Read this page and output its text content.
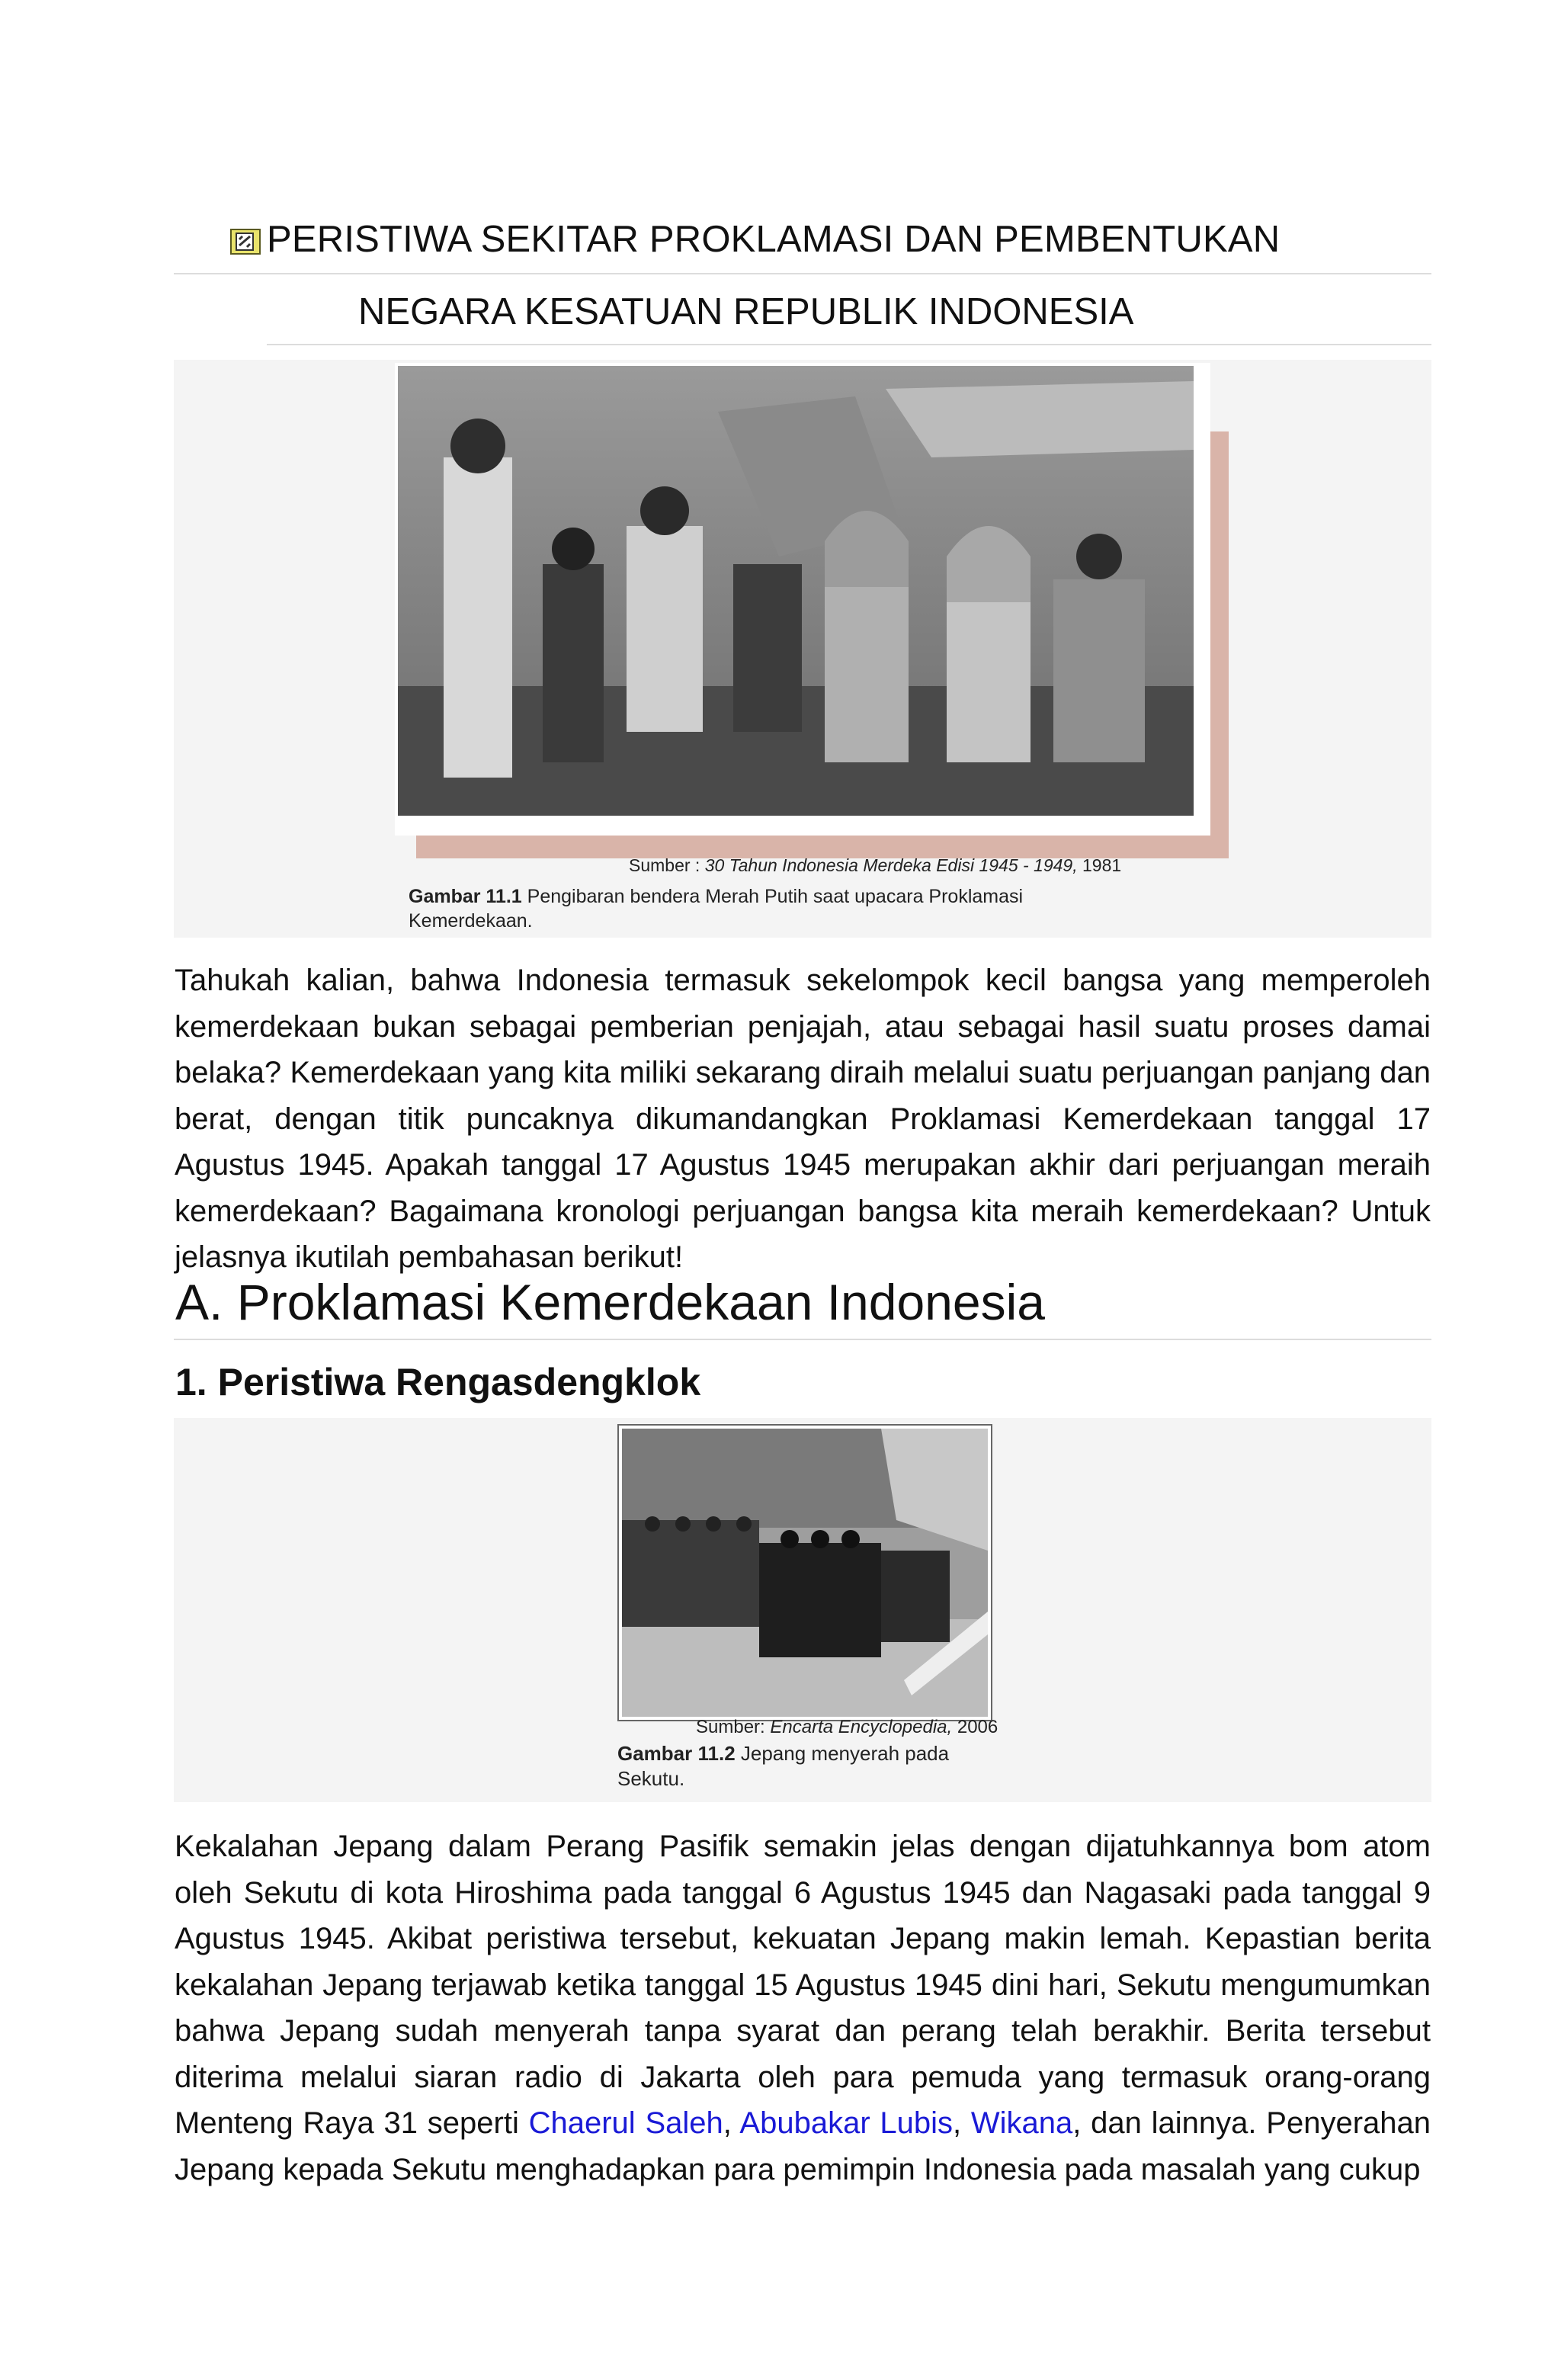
PERISTIWA SEKITAR PROKLAMASI DAN PEMBENTUKAN
NEGARA KESATUAN REPUBLIK INDONESIA
Sumber : 30 Tahun Indonesia Merdeka Edisi 1945 - 1949, 1981
Gambar 11.1 Pengibaran bendera Merah Putih saat upacara Proklamasi Kemerdekaan.
Tahukah kalian, bahwa Indonesia termasuk sekelompok kecil bangsa yang memperoleh kemerdekaan bukan sebagai pemberian penjajah, atau sebagai hasil suatu proses damai belaka? Kemerdekaan yang kita miliki sekarang diraih melalui suatu perjuangan panjang dan berat, dengan titik puncaknya dikumandangkan Proklamasi Kemerdekaan tanggal 17 Agustus 1945. Apakah tanggal 17 Agustus 1945 merupakan akhir dari perjuangan meraih kemerdekaan? Bagaimana kronologi perjuangan bangsa kita meraih kemerdekaan? Untuk jelasnya ikutilah pembahasan berikut!
A. Proklamasi Kemerdekaan Indonesia
1. Peristiwa Rengasdengklok
Sumber: Encarta Encyclopedia, 2006
Gambar 11.2 Jepang menyerah pada Sekutu.
Kekalahan Jepang dalam Perang Pasifik semakin jelas dengan dijatuhkannya bom atom oleh Sekutu di kota Hiroshima pada tanggal 6 Agustus 1945 dan Nagasaki pada tanggal 9 Agustus 1945. Akibat peristiwa tersebut, kekuatan Jepang makin lemah. Kepastian berita kekalahan Jepang terjawab ketika tanggal 15 Agustus 1945 dini hari, Sekutu mengumumkan bahwa Jepang sudah menyerah tanpa syarat dan perang telah berakhir. Berita tersebut diterima melalui siaran radio di Jakarta oleh para pemuda yang termasuk orang-orang Menteng Raya 31 seperti Chaerul Saleh, Abubakar Lubis, Wikana, dan lainnya. Penyerahan Jepang kepada Sekutu menghadapkan para pemimpin Indonesia pada masalah yang cukup
